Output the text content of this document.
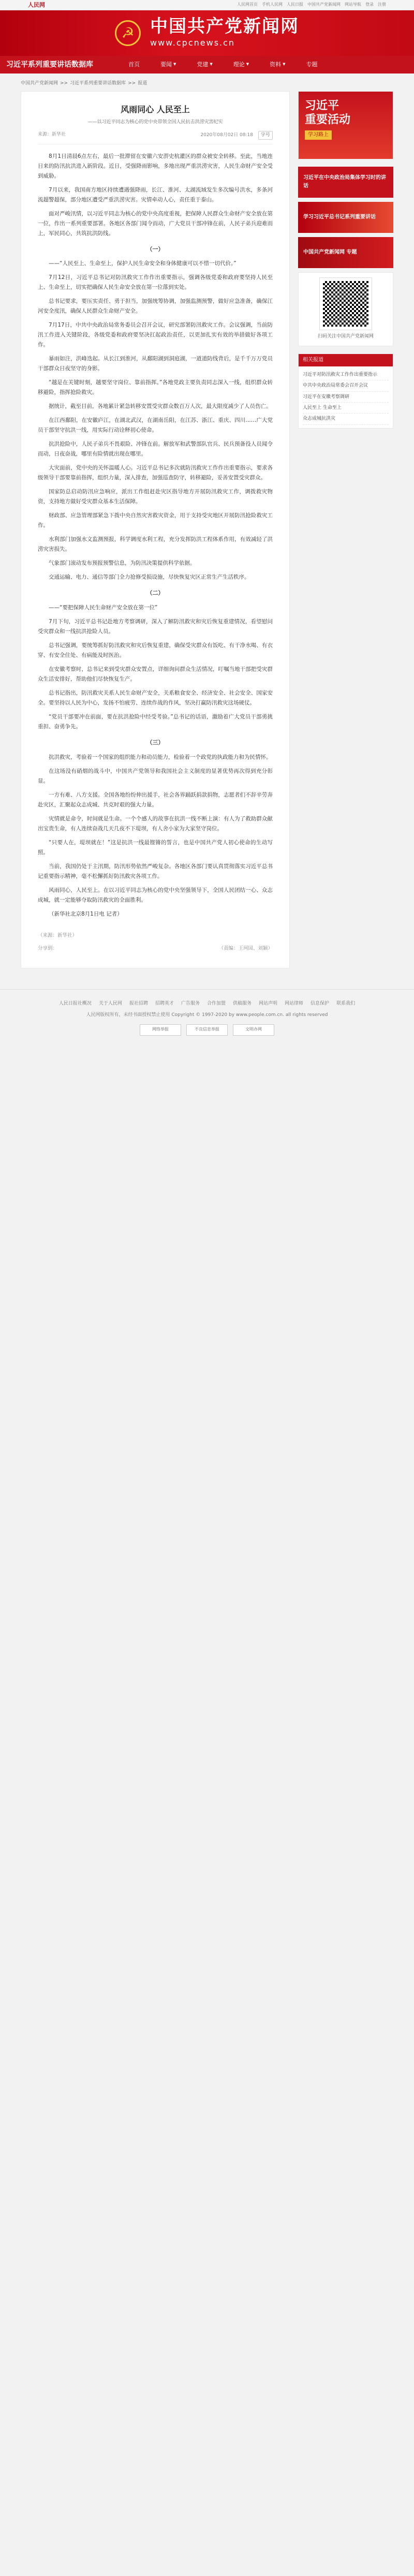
人民网	人民网首页 手机人民网 人民日报 中国共产党新闻网 网站导航 登录 注册
☭ 中国共产党新闻网
www.cpcnews.cn
习近平系列重要讲话数据库	首页	要闻 ▼	党建 ▼	理论 ▼	资料 ▼	专题
中国共产党新闻网 >> 习近平系列重要讲话数据库 >> 报道
风雨同心 人民至上
——以习近平同志为核心的党中央带领全国人民抗击洪涝灾害纪实
来源：新华社	2020年08月02日 08:18	字号

8月1日清晨6点左右，最后一批滞留在安徽六安淠史杭灌区的群众被安全转移。至此，当地连日来的防汛抗洪进入新阶段。近日，受强降雨影响，多地出现严重洪涝灾害，人民生命财产安全受到威胁。

7月以来，我国南方地区持续遭遇强降雨，长江、淮河、太湖流域发生多次编号洪水，多条河流超警超保，部分地区遭受严重洪涝灾害。灾情牵动人心，责任重于泰山。

面对严峻汛情，以习近平同志为核心的党中央高度重视，把保障人民群众生命财产安全放在第一位，作出一系列重要部署。各地区各部门闻令而动，广大党员干部冲锋在前，人民子弟兵迎难而上，军民同心，共筑抗洪防线。

（一）

——“人民至上、生命至上，保护人民生命安全和身体健康可以不惜一切代价。”

7月12日，习近平总书记对防汛救灾工作作出重要指示，强调各级党委和政府要坚持人民至上、生命至上，切实把确保人民生命安全放在第一位落到实处。

总书记要求，要压实责任、勇于担当，加强统筹协调，加强监测预警，做好应急准备，确保江河安全度汛，确保人民群众生命财产安全。

7月17日，中共中央政治局常务委员会召开会议，研究部署防汛救灾工作。会议强调，当前防汛工作进入关键阶段，各级党委和政府要坚决扛起政治责任，以更加扎实有效的举措做好各项工作。

暴雨如注，洪峰迭起。从长江到淮河，从鄱阳湖到洞庭湖，一道道防线背后，是千千万万党员干部群众日夜坚守的身影。

“越是在关键时刻，越要坚守岗位、靠前指挥。”各地党政主要负责同志深入一线，组织群众转移避险，指挥抢险救灾。

据统计，截至目前，各地累计紧急转移安置受灾群众数百万人次，最大限度减少了人员伤亡。

在江西鄱阳，在安徽庐江，在湖北武汉，在湖南岳阳，在江苏、浙江、重庆、四川……广大党员干部坚守抗洪一线，用实际行动诠释初心使命。

抗洪抢险中，人民子弟兵不畏艰险、冲锋在前。解放军和武警部队官兵、民兵预备役人员闻令而动，日夜奋战，哪里有险情就出现在哪里。

大灾面前，党中央的关怀温暖人心。习近平总书记多次就防汛救灾工作作出重要指示，要求各级领导干部要靠前指挥，组织力量，深入排查，加强巡查防守，转移避险，妥善安置受灾群众。

国家防总启动防汛应急响应，派出工作组赶赴灾区指导地方开展防汛救灾工作，调拨救灾物资，支持地方做好受灾群众基本生活保障。

财政部、应急管理部紧急下拨中央自然灾害救灾资金，用于支持受灾地区开展防汛抢险救灾工作。

水利部门加强水文监测预报，科学调度水利工程，充分发挥防洪工程体系作用，有效减轻了洪涝灾害损失。

气象部门滚动发布预报预警信息，为防汛决策提供科学依据。

交通运输、电力、通信等部门全力抢修受损设施，尽快恢复灾区正常生产生活秩序。

（二）

——“要把保障人民生命财产安全放在第一位”

7月下旬，习近平总书记赴地方考察调研，深入了解防汛救灾和灾后恢复重建情况，看望慰问受灾群众和一线抗洪抢险人员。

总书记强调，要统筹抓好防汛救灾和灾后恢复重建，确保受灾群众有饭吃、有干净水喝、有衣穿、有安全住处、有病能及时医治。

在安徽考察时，总书记来到受灾群众安置点，详细询问群众生活情况，叮嘱当地干部把受灾群众生活安排好，帮助他们尽快恢复生产。

总书记指出，防汛救灾关系人民生命财产安全，关系粮食安全、经济安全、社会安全、国家安全。要坚持以人民为中心，发扬不怕疲劳、连续作战的作风，坚决打赢防汛救灾这场硬仗。

“党员干部要冲在前面，要在抗洪抢险中经受考验。”总书记的话语，激励着广大党员干部勇挑重担、奋勇争先。

（三）

抗洪救灾，考验着一个国家的组织能力和动员能力，检验着一个政党的执政能力和为民情怀。

在这场没有硝烟的战斗中，中国共产党领导和我国社会主义制度的显著优势再次得到充分彰显。

一方有难、八方支援。全国各地纷纷伸出援手，社会各界踊跃捐款捐物，志愿者们不辞辛劳奔赴灾区，汇聚起众志成城、共克时艰的强大力量。

灾情就是命令，时间就是生命。一个个感人的故事在抗洪一线不断上演：有人为了救助群众献出宝贵生命，有人连续奋战几天几夜不下堤坝，有人舍小家为大家坚守岗位。

“只要人在，堤坝就在！”这是抗洪一线最铿锵的誓言，也是中国共产党人初心使命的生动写照。

当前，我国仍处于主汛期，防汛形势依然严峻复杂。各地区各部门要认真贯彻落实习近平总书记重要指示精神，毫不松懈抓好防汛救灾各项工作。

风雨同心，人民至上。在以习近平同志为核心的党中央坚强领导下，全国人民团结一心、众志成城，就一定能够夺取防汛救灾的全面胜利。

（新华社北京8月1日电 记者）

（来源：新华社）
分享到：	（责编：王珂园、刘颖）
习近平
重要活动
学习路上
习近平在中央政治局集体学习时的讲话
学习习近平总书记系列重要讲话
中国共产党新闻网 专题
扫码关注中国共产党新闻网
相关报道
习近平对防汛救灾工作作出重要指示
中共中央政治局常委会召开会议
习近平在安徽考察调研
人民至上 生命至上
众志成城抗洪灾
人民日报社概况 关于人民网 报社招聘 招聘英才 广告服务 合作加盟 供稿服务 网站声明 网站律师 信息保护 联系我们
人民网版权所有，未经书面授权禁止使用 Copyright © 1997-2020 by www.people.com.cn. all rights reserved
网络举报	不良信息举报	文明办网
